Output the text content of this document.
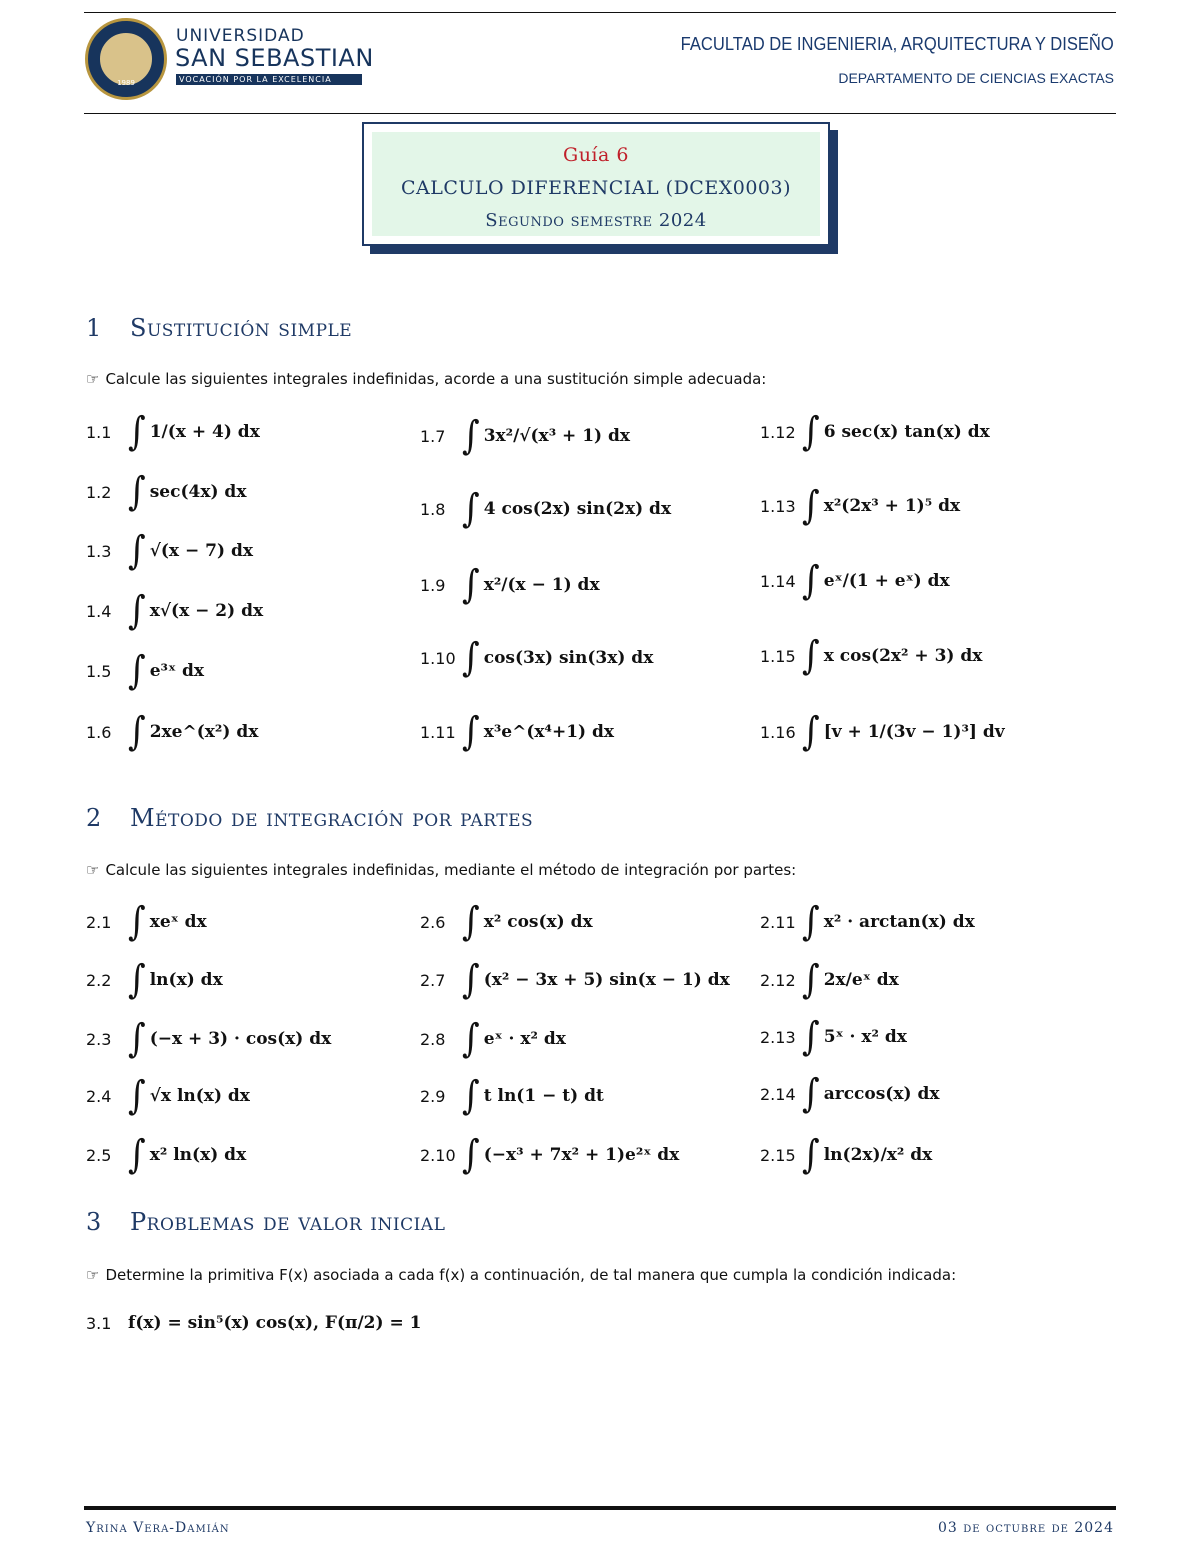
1989
UNIVERSIDAD
SAN SEBASTIAN
VOCACIÓN POR LA EXCELENCIA
FACULTAD DE INGENIERIA, ARQUITECTURA Y DISEÑO
DEPARTAMENTO DE CIENCIAS EXACTAS
Guía 6
CALCULO DIFERENCIAL (DCEX0003)
Segundo semestre 2024
1 Sustitución simple
☞ Calcule las siguientes integrales indefinidas, acorde a una sustitución simple adecuada:
2 Método de integración por partes
☞ Calcule las siguientes integrales indefinidas, mediante el método de integración por partes:
3 Problemas de valor inicial
☞ Determine la primitiva F(x) asociada a cada f(x) a continuación, de tal manera que cumpla la condición indicada:
1.1 ∫ 1/(x + 4) dx
1.2 ∫ sec(4x) dx
1.3 ∫ √(x − 7) dx
1.4 ∫ x√(x − 2) dx
1.5 ∫ e³ˣ dx
1.6 ∫ 2xe^(x²) dx
1.7 ∫ 3x²/√(x³ + 1) dx
1.8 ∫ 4 cos(2x) sin(2x) dx
1.9 ∫ x²/(x − 1) dx
1.10 ∫ cos(3x) sin(3x) dx
1.11 ∫ x³e^(x⁴+1) dx
1.12 ∫ 6 sec(x) tan(x) dx
1.13 ∫ x²(2x³ + 1)⁵ dx
1.14 ∫ eˣ/(1 + eˣ) dx
1.15 ∫ x cos(2x² + 3) dx
1.16 ∫ [v + 1/(3v − 1)³] dv
2.1 ∫ xeˣ dx
2.2 ∫ ln(x) dx
2.3 ∫ (−x + 3) · cos(x) dx
2.4 ∫ √x ln(x) dx
2.5 ∫ x² ln(x) dx
2.6 ∫ x² cos(x) dx
2.7 ∫ (x² − 3x + 5) sin(x − 1) dx
2.8 ∫ eˣ · x² dx
2.9 ∫ t ln(1 − t) dt
2.10 ∫ (−x³ + 7x² + 1)e²ˣ dx
2.11 ∫ x² · arctan(x) dx
2.12 ∫ 2x/eˣ dx
2.13 ∫ 5ˣ · x² dx
2.14 ∫ arccos(x) dx
2.15 ∫ ln(2x)/x² dx
3.1 f(x) = sin⁵(x) cos(x), F(π/2) = 1
Yrina Vera-Damián	03 de octubre de 2024
